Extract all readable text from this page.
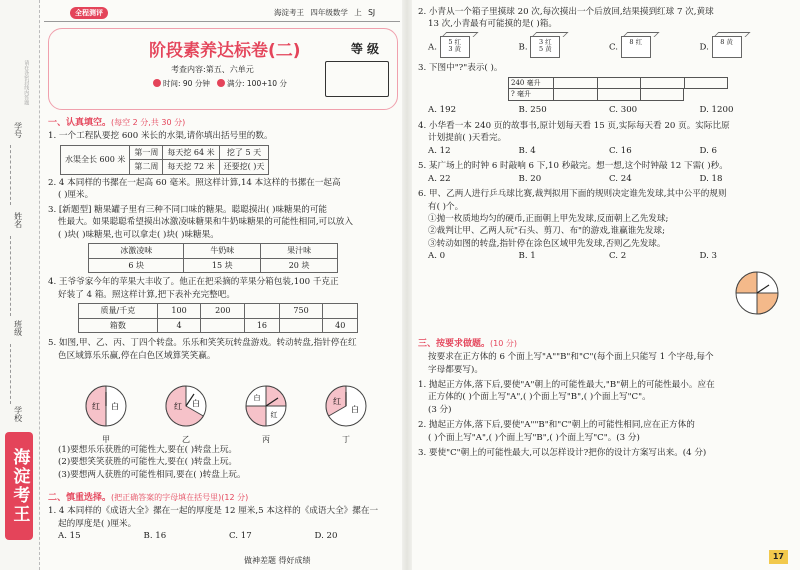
请在各密封线内答题
学号
姓名
班级
学校
海淀考王
全程测评	海淀考王 四年级数学 上 SJ
阶段素养达标卷(二)
考查内容:第五、六单元
时间: 90 分钟 满分: 100+10 分
等 级
一、认真填空。(每空 2 分,共 30 分)
1. 一个工程队要挖 600 米长的水渠,请你填出括号里的数。
水渠全长 600 米	第一周	每天挖 64 米	挖了 5 天
	第二周	每天挖 72 米	还要挖( )天
2. 4 本同样的书摞在一起高 60 毫米。照这样计算,14 本这样的书摞在一起高
( )厘米。
3. [新题型] 糖果罐子里有三种不同口味的糖果。聪聪摸出( )味糖果的可能
性最大。如果聪聪希望摸出冰激凌味糖果和牛奶味糖果的可能性相同,可以放入
( )块( )味糖果,也可以拿走( )块( )味糖果。
冰激凌味	牛奶味	果汁味
6 块	15 块	20 块
4. 王爷爷家今年的苹果大丰收了。他正在把采摘的苹果分箱包装,100 千克正
好装了 4 箱。照这样计算,把下表补充完整吧。
质量/千克	100	200		750	
箱数	4		16		40
5. 如图,甲、乙、丙、丁四个转盘。乐乐和笑笑玩转盘游戏。转动转盘,指针停在红
色区域算乐乐赢,停在白色区域算笑笑赢。
红 白
甲
红 白
乙
白
红
丙
红
白
丁
(1)要想乐乐获胜的可能性大,要在( )转盘上玩。
(2)要想笑笑获胜的可能性大,要在( )转盘上玩。
(3)要想两人获胜的可能性相同,要在( )转盘上玩。
二、慎重选择。(把正确答案的字母填在括号里)(12 分)
1. 4 本同样的《成语大全》摞在一起的厚度是 12 厘米,5 本这样的《成语大全》摞在一
起的厚度是( )厘米。
A. 15	B. 16	C. 17	D. 20
做神差题 得好成绩
2. 小青从一个箱子里摸球 20 次,每次摸出一个后放回,结果摸到红球 7 次,黄球
13 次,小青最有可能摸的是( )箱。
A. 5 红
3 黄	B. 3 红
5 黄	C. 8 红
D. 8 黄
3. 下图中"?"表示( )。
240 毫升
? 毫升
A. 192	B. 250	C. 300	D. 1200
4. 小华看一本 240 页的故事书,原计划每天看 15 页,实际每天看 20 页。实际比原
计划提前( )天看完。
A. 12	B. 4	C. 16	D. 6
5. 某广场上的时钟 6 时敲响 6 下,10 秒敲完。想一想,这个时钟敲 12 下需( )秒。
A. 22	B. 20	C. 24	D. 18
6. 甲、乙两人进行乒乓球比赛,裁判拟用下面的规则决定谁先发球,其中公平的规则
有( )个。
①抛一枚质地均匀的硬币,正面朝上甲先发球,反面朝上乙先发球;
②裁判让甲、乙两人玩"石头、剪刀、布"的游戏,谁赢谁先发球;
③转动如图的转盘,指针停在涂色区域甲先发球,否则乙先发球。
A. 0	B. 1	C. 2	D. 3
三、按要求做题。(10 分)
按要求在正方体的 6 个面上写"A""B"和"C"(每个面上只能写 1 个字母,每个
字母都要写)。
1. 抛起正方体,落下后,要使"A"朝上的可能性最大,"B"朝上的可能性最小。应在
正方体的( )个面上写"A",( )个面上写"B",( )个面上写"C"。
(3 分)
2. 抛起正方体,落下后,要使"A""B"和"C"朝上的可能性相同,应在正方体的
( )个面上写"A",( )个面上写"B",( )个面上写"C"。(3 分)
3. 要使"C"朝上的可能性最大,可以怎样设计?把你的设计方案写出来。(4 分)
17
